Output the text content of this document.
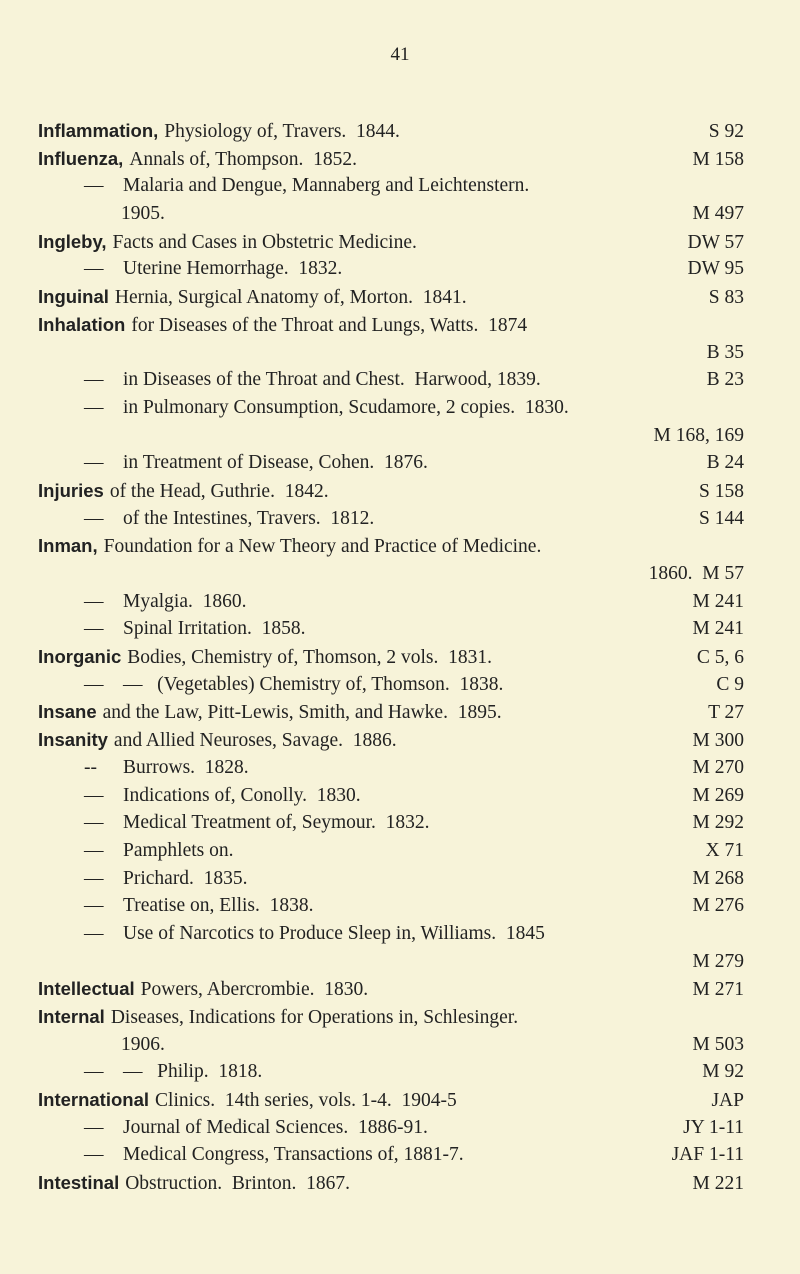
41
Inflammation, Physiology of, Travers.  1844.	S 92
Influenza, Annals of, Thompson.  1852.	M 158
—	Malaria and Dengue, Mannaberg and Leichtenstern.
1905.	M 497
Ingleby, Facts and Cases in Obstetric Medicine.	DW 57
—	Uterine Hemorrhage.  1832.	DW 95
Inguinal Hernia, Surgical Anatomy of, Morton.  1841.	S 83
Inhalation for Diseases of the Throat and Lungs, Watts.  1874
B 35
—	in Diseases of the Throat and Chest.  Harwood, 1839.	B 23
—	in Pulmonary Consumption, Scudamore, 2 copies.  1830.
M 168, 169
—	in Treatment of Disease, Cohen.  1876.	B 24
Injuries of the Head, Guthrie.  1842.	S 158
—	of the Intestines, Travers.  1812.	S 144
Inman, Foundation for a New Theory and Practice of Medicine.
1860.  M 57
—	Myalgia.  1860.	M 241
—	Spinal Irritation.  1858.	M 241
Inorganic Bodies, Chemistry of, Thomson, 2 vols.  1831.	C 5, 6
—	—   (Vegetables) Chemistry of, Thomson.  1838.	C 9
Insane and the Law, Pitt-Lewis, Smith, and Hawke.  1895.	T 27
Insanity and Allied Neuroses, Savage.  1886.	M 300
--	Burrows.  1828.	M 270
—	Indications of, Conolly.  1830.	M 269
—	Medical Treatment of, Seymour.  1832.	M 292
—	Pamphlets on.	X 71
—	Prichard.  1835.	M 268
—	Treatise on, Ellis.  1838.	M 276
—	Use of Narcotics to Produce Sleep in, Williams.  1845
M 279
Intellectual Powers, Abercrombie.  1830.	M 271
Internal Diseases, Indications for Operations in, Schlesinger.
1906.	M 503
—	—   Philip.  1818.	M 92
International Clinics.  14th series, vols. 1-4.  1904-5	JAP
—	Journal of Medical Sciences.  1886-91.	JY 1-11
—	Medical Congress, Transactions of, 1881-7.	JAF 1-11
Intestinal Obstruction.  Brinton.  1867.	M 221
